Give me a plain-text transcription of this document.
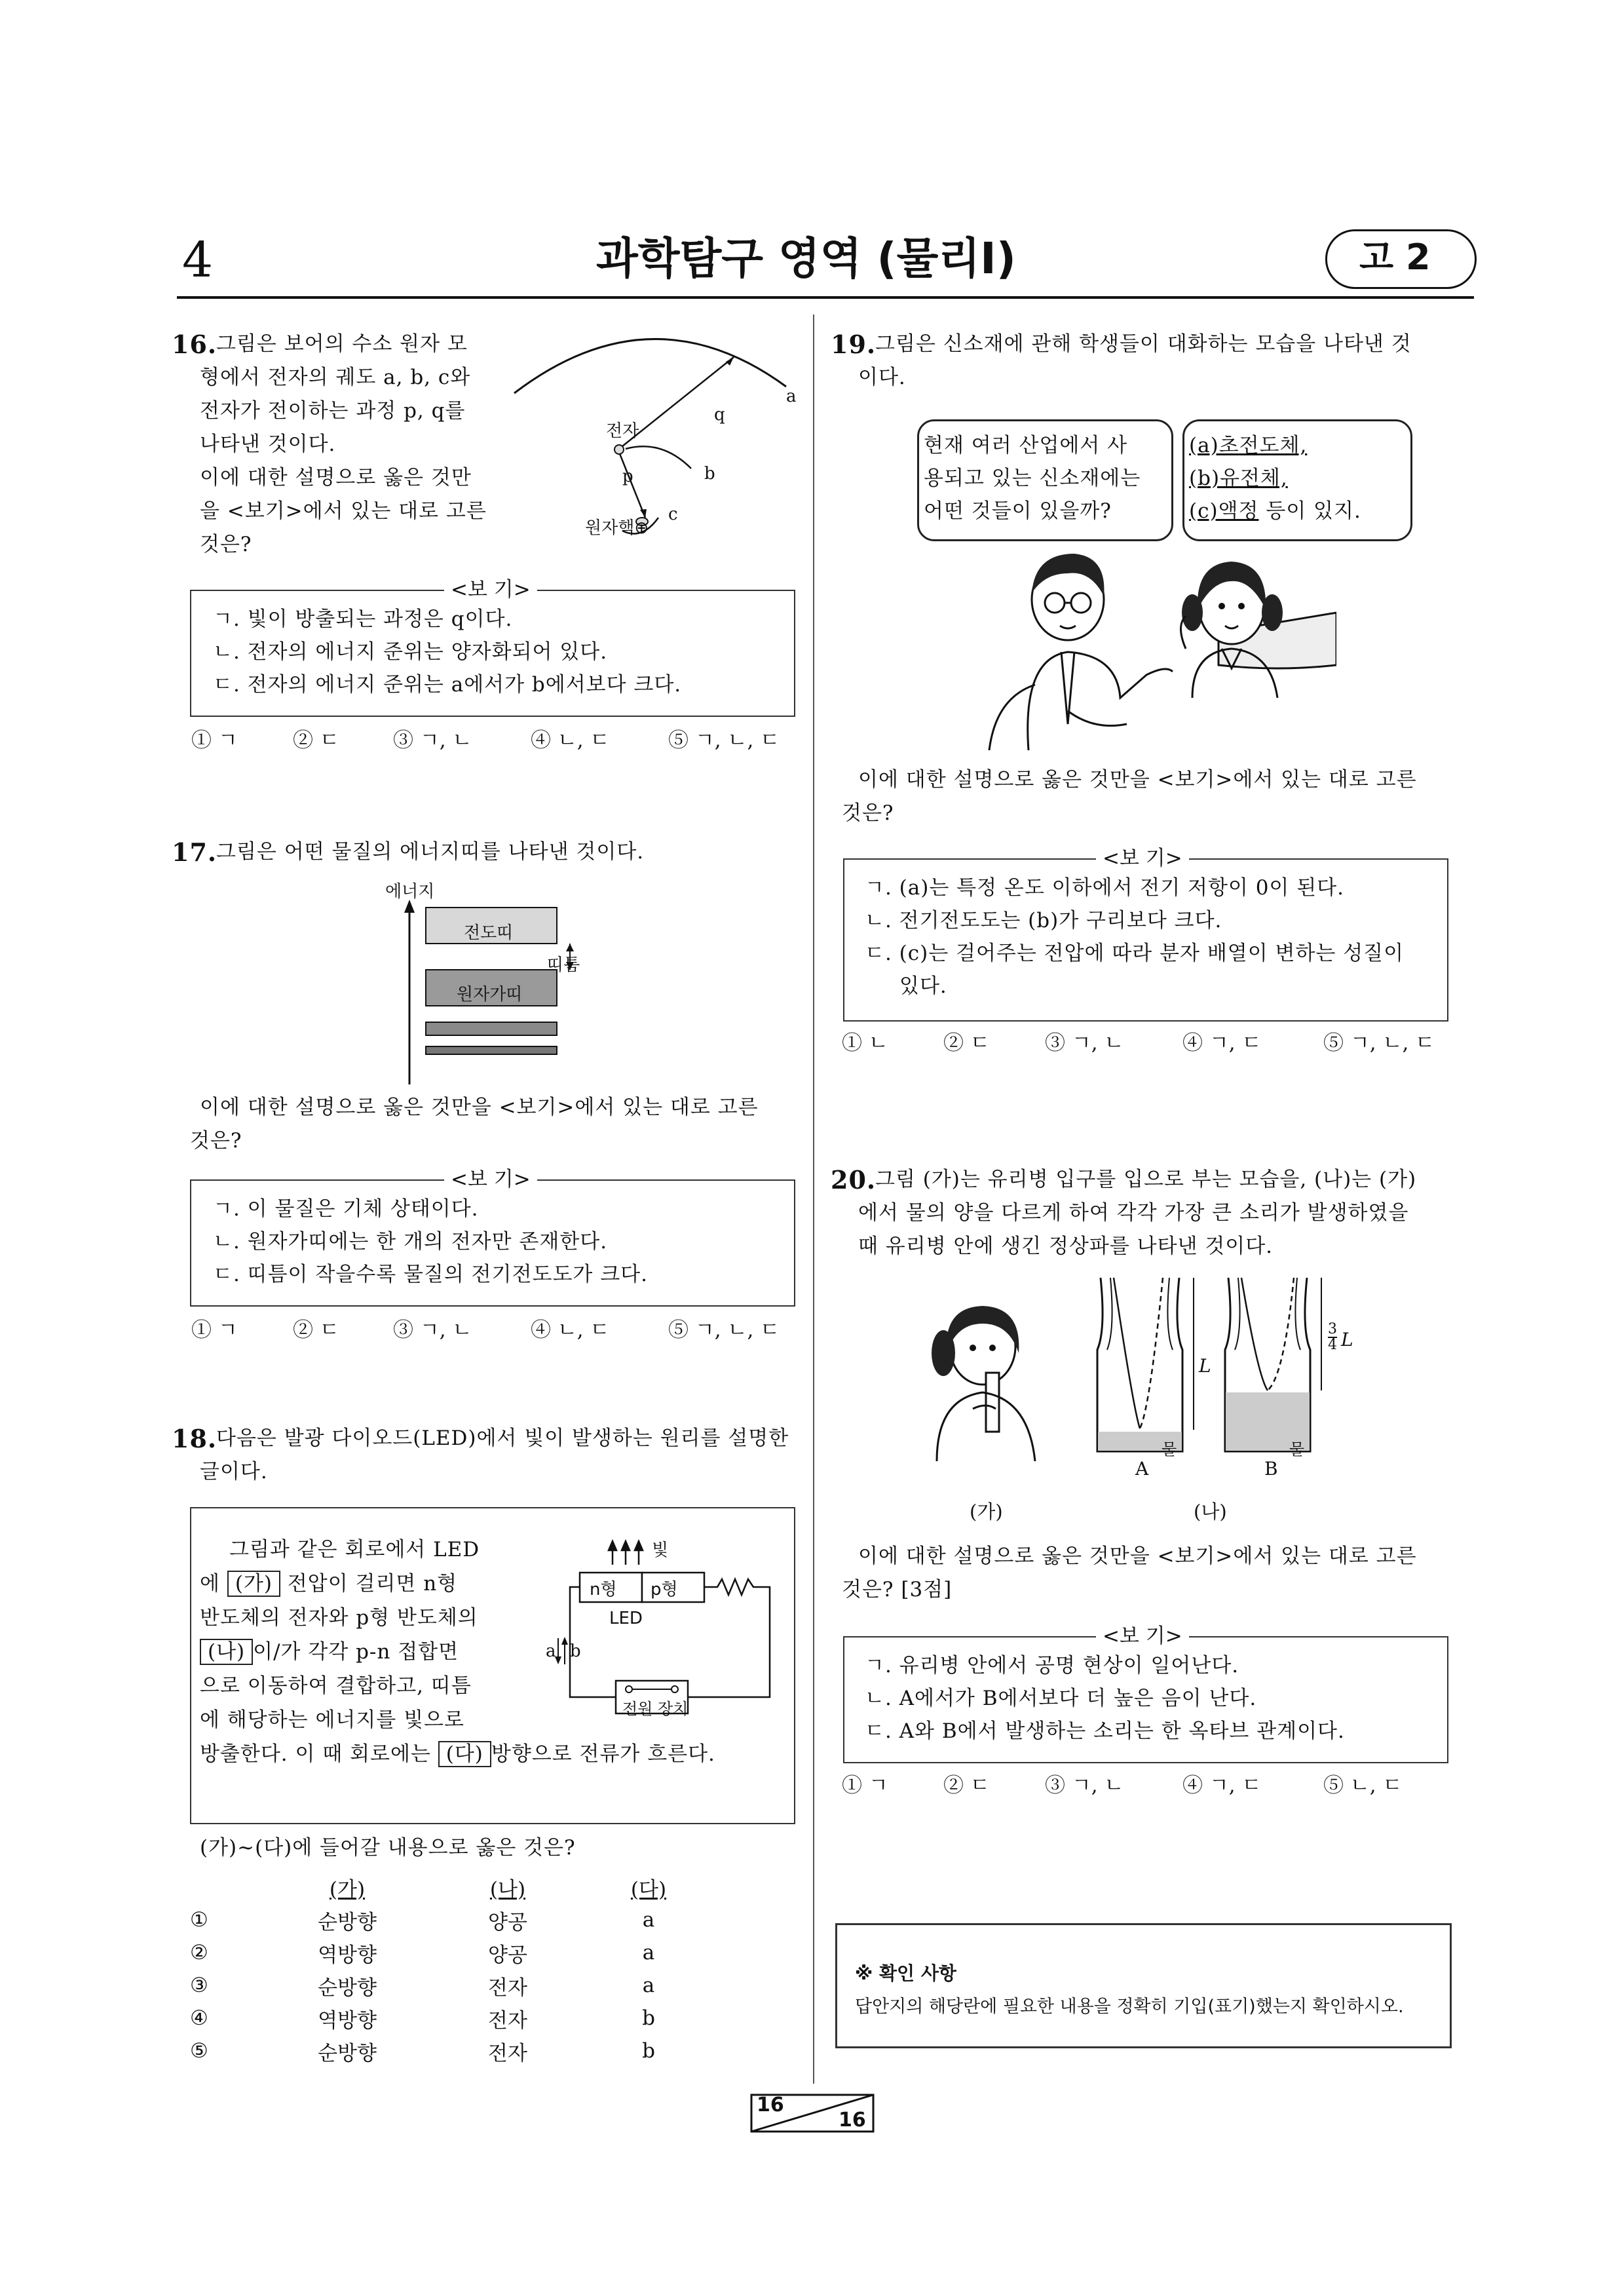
4	과학탐구 영역 (물리Ⅰ)	고 2
16.
그림은 보어의 수소 원자 모
형에서 전자의 궤도 a, b, c와
전자가 전이하는 과정 p, q를
나타낸 것이다.
이에 대한 설명으로 옳은 것만
을 <보기>에서 있는 대로 고른
것은?
전자
원자핵⊕
a
q
b
p
c
<보 기>
ㄱ. 빛이 방출되는 과정은 q이다.
ㄴ. 전자의 에너지 준위는 양자화되어 있다.
ㄷ. 전자의 에너지 준위는 a에서가 b에서보다 크다.
① ㄱ	② ㄷ	③ ㄱ, ㄴ	④ ㄴ, ㄷ	⑤ ㄱ, ㄴ, ㄷ
17.
그림은 어떤 물질의 에너지띠를 나타낸 것이다.
에너지
전도띠
띠틈
원자가띠
이에 대한 설명으로 옳은 것만을 <보기>에서 있는 대로 고른
것은?
<보 기>
ㄱ. 이 물질은 기체 상태이다.
ㄴ. 원자가띠에는 한 개의 전자만 존재한다.
ㄷ. 띠틈이 작을수록 물질의 전기전도도가 크다.
① ㄱ	② ㄷ	③ ㄱ, ㄴ	④ ㄴ, ㄷ	⑤ ㄱ, ㄴ, ㄷ
18.
다음은 발광 다이오드(LED)에서 빛이 발생하는 원리를 설명한
글이다.
그림과 같은 회로에서 LED
에 (가) 전압이 걸리면 n형
반도체의 전자와 p형 반도체의
(나) 이/가 각각 p-n 접합면
으로 이동하여 결합하고, 띠틈
에 해당하는 에너지를 빛으로
방출한다. 이 때 회로에는 (다) 방향으로 전류가 흐른다.
빛
n형 p형
LED
a b
전원 장치
(가)~(다)에 들어갈 내용으로 옳은 것은?
	(가)	(나)	(다)
①	순방향	양공	a
②	역방향	양공	a
③	순방향	전자	a
④	역방향	전자	b
⑤	순방향	전자	b
19.
그림은 신소재에 관해 학생들이 대화하는 모습을 나타낸 것
이다.
현재 여러 산업에서 사
용되고 있는 신소재에는
어떤 것들이 있을까?
(a)초전도체,
(b)유전체,
(c)액정 등이 있지.
이에 대한 설명으로 옳은 것만을 <보기>에서 있는 대로 고른
것은?
<보 기>
ㄱ. (a)는 특정 온도 이하에서 전기 저항이 0이 된다.
ㄴ. 전기전도도는 (b)가 구리보다 크다.
ㄷ. (c)는 걸어주는 전압에 따라 분자 배열이 변하는 성질이
있다.
① ㄴ	② ㄷ	③ ㄱ, ㄴ	④ ㄱ, ㄷ	⑤ ㄱ, ㄴ, ㄷ
20.
그림 (가)는 유리병 입구를 입으로 부는 모습을, (나)는 (가)
에서 물의 양을 다르게 하여 각각 가장 큰 소리가 발생하였을
때 유리병 안에 생긴 정상파를 나타낸 것이다.
L
3
4 L
물	물
A	B
(가)	(나)
이에 대한 설명으로 옳은 것만을 <보기>에서 있는 대로 고른
것은? [3점]
<보 기>
ㄱ. 유리병 안에서 공명 현상이 일어난다.
ㄴ. A에서가 B에서보다 더 높은 음이 난다.
ㄷ. A와 B에서 발생하는 소리는 한 옥타브 관계이다.
① ㄱ	② ㄷ	③ ㄱ, ㄴ	④ ㄱ, ㄷ	⑤ ㄴ, ㄷ
※ 확인 사항
답안지의 해당란에 필요한 내용을 정확히 기입(표기)했는지 확인하시오.
16
16
